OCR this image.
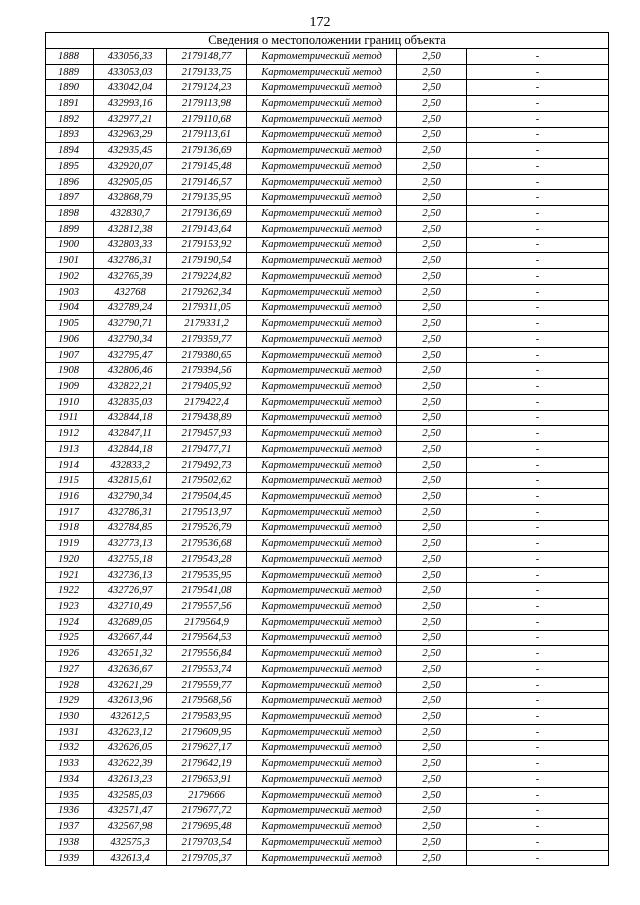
172
Сведения о местоположении границ объекта					
1888	433056,33	2179148,77	Картометрический метод	2,50	-
1889	433053,03	2179133,75	Картометрический метод	2,50	-
1890	433042,04	2179124,23	Картометрический метод	2,50	-
1891	432993,16	2179113,98	Картометрический метод	2,50	-
1892	432977,21	2179110,68	Картометрический метод	2,50	-
1893	432963,29	2179113,61	Картометрический метод	2,50	-
1894	432935,45	2179136,69	Картометрический метод	2,50	-
1895	432920,07	2179145,48	Картометрический метод	2,50	-
1896	432905,05	2179146,57	Картометрический метод	2,50	-
1897	432868,79	2179135,95	Картометрический метод	2,50	-
1898	432830,7	2179136,69	Картометрический метод	2,50	-
1899	432812,38	2179143,64	Картометрический метод	2,50	-
1900	432803,33	2179153,92	Картометрический метод	2,50	-
1901	432786,31	2179190,54	Картометрический метод	2,50	-
1902	432765,39	2179224,82	Картометрический метод	2,50	-
1903	432768	2179262,34	Картометрический метод	2,50	-
1904	432789,24	2179311,05	Картометрический метод	2,50	-
1905	432790,71	2179331,2	Картометрический метод	2,50	-
1906	432790,34	2179359,77	Картометрический метод	2,50	-
1907	432795,47	2179380,65	Картометрический метод	2,50	-
1908	432806,46	2179394,56	Картометрический метод	2,50	-
1909	432822,21	2179405,92	Картометрический метод	2,50	-
1910	432835,03	2179422,4	Картометрический метод	2,50	-
1911	432844,18	2179438,89	Картометрический метод	2,50	-
1912	432847,11	2179457,93	Картометрический метод	2,50	-
1913	432844,18	2179477,71	Картометрический метод	2,50	-
1914	432833,2	2179492,73	Картометрический метод	2,50	-
1915	432815,61	2179502,62	Картометрический метод	2,50	-
1916	432790,34	2179504,45	Картометрический метод	2,50	-
1917	432786,31	2179513,97	Картометрический метод	2,50	-
1918	432784,85	2179526,79	Картометрический метод	2,50	-
1919	432773,13	2179536,68	Картометрический метод	2,50	-
1920	432755,18	2179543,28	Картометрический метод	2,50	-
1921	432736,13	2179535,95	Картометрический метод	2,50	-
1922	432726,97	2179541,08	Картометрический метод	2,50	-
1923	432710,49	2179557,56	Картометрический метод	2,50	-
1924	432689,05	2179564,9	Картометрический метод	2,50	-
1925	432667,44	2179564,53	Картометрический метод	2,50	-
1926	432651,32	2179556,84	Картометрический метод	2,50	-
1927	432636,67	2179553,74	Картометрический метод	2,50	-
1928	432621,29	2179559,77	Картометрический метод	2,50	-
1929	432613,96	2179568,56	Картометрический метод	2,50	-
1930	432612,5	2179583,95	Картометрический метод	2,50	-
1931	432623,12	2179609,95	Картометрический метод	2,50	-
1932	432626,05	2179627,17	Картометрический метод	2,50	-
1933	432622,39	2179642,19	Картометрический метод	2,50	-
1934	432613,23	2179653,91	Картометрический метод	2,50	-
1935	432585,03	2179666	Картометрический метод	2,50	-
1936	432571,47	2179677,72	Картометрический метод	2,50	-
1937	432567,98	2179695,48	Картометрический метод	2,50	-
1938	432575,3	2179703,54	Картометрический метод	2,50	-
1939	432613,4	2179705,37	Картометрический метод	2,50	-
